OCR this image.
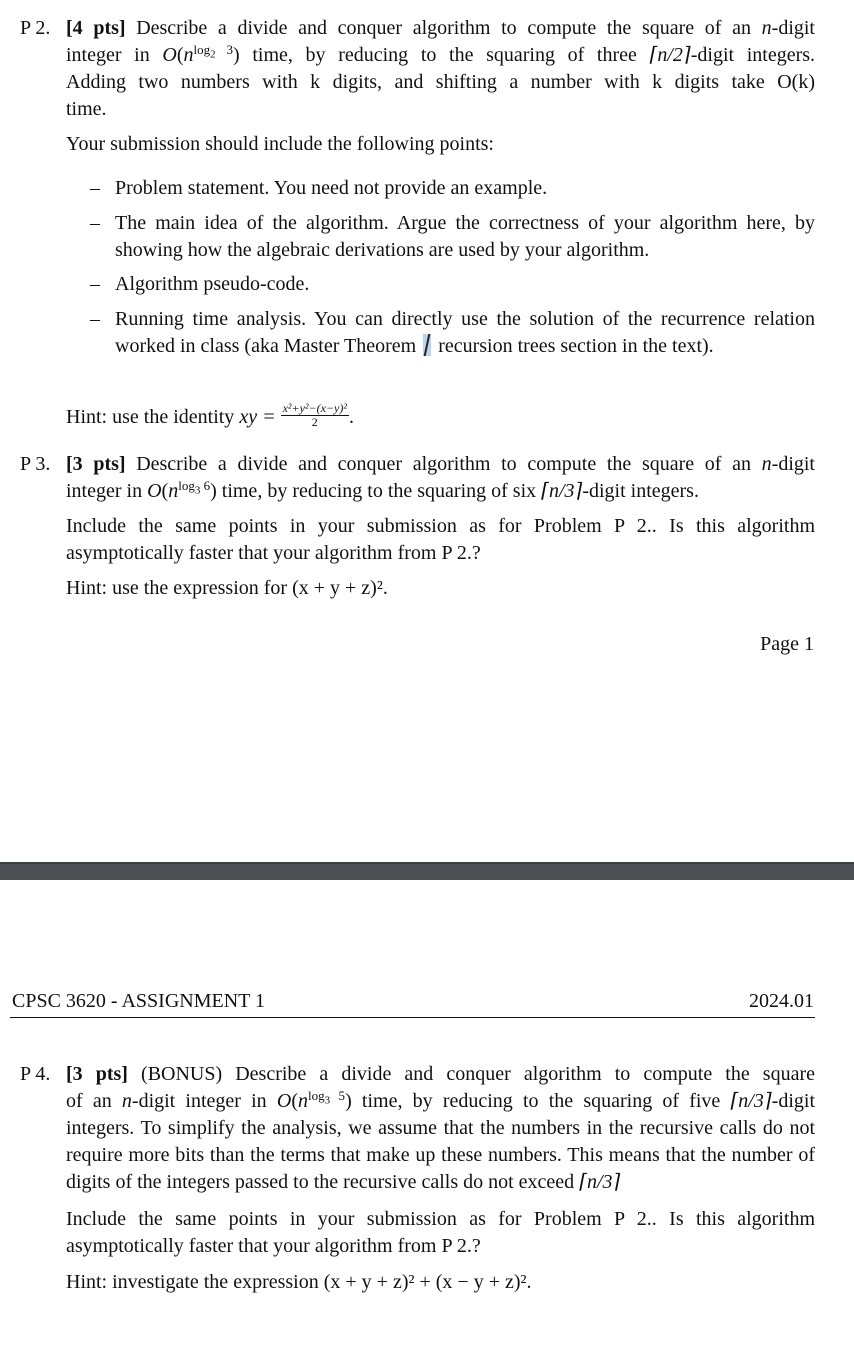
P 2. [4 pts] Describe a divide and conquer algorithm to compute the square of an n-digit
integer in $O(n^{log_2 3})$ time, by reducing to the squaring of three ⌈n/2⌉-digit integers.
Adding two numbers with k digits, and shifting a number with k digits take O(k)
time.
Your submission should include the following points:
– Problem statement. You need not provide an example.
– The main idea of the algorithm. Argue the correctness of your algorithm here, by showing how the algebraic derivations are used by your algorithm.
– Algorithm pseudo-code.
– Running time analysis. You can directly use the solution of the recurrence relation worked in class (aka Master Theorem recursion trees section in the text).
Hint: use the identity xy = $\frac{\text{x²+y²−(x−y)²}}{2}$ .
P 3. [3 pts] Describe a divide and conquer algorithm to compute the square of an n-digit
integer in $O(n^{log_3 6})$ time, by reducing to the squaring of six ⌈n/3⌉-digit integers.
Include the same points in your submission as for Problem P 2.. Is this algorithm asymptotically faster that your algorithm from P 2.?
Hint: use the expression for (x + y + z)².
Page 1
CPSC 3620 - ASSIGNMENT 1	2024.01
P 4. [3 pts] (BONUS) Describe a divide and conquer algorithm to compute the square
of an n-digit integer in $O(n^{log_3 5})$ time, by reducing to the squaring of five ⌈n/3⌉-digit
integers. To simplify the analysis, we assume that the numbers in the recursive calls do not require more bits than the terms that make up these numbers. This means that the number of digits of the integers passed to the recursive calls do not exceed ⌈n/3⌉
Include the same points in your submission as for Problem P 2.. Is this algorithm asymptotically faster that your algorithm from P 2.?
Hint: investigate the expression (x + y + z)² + (x − y + z)².
